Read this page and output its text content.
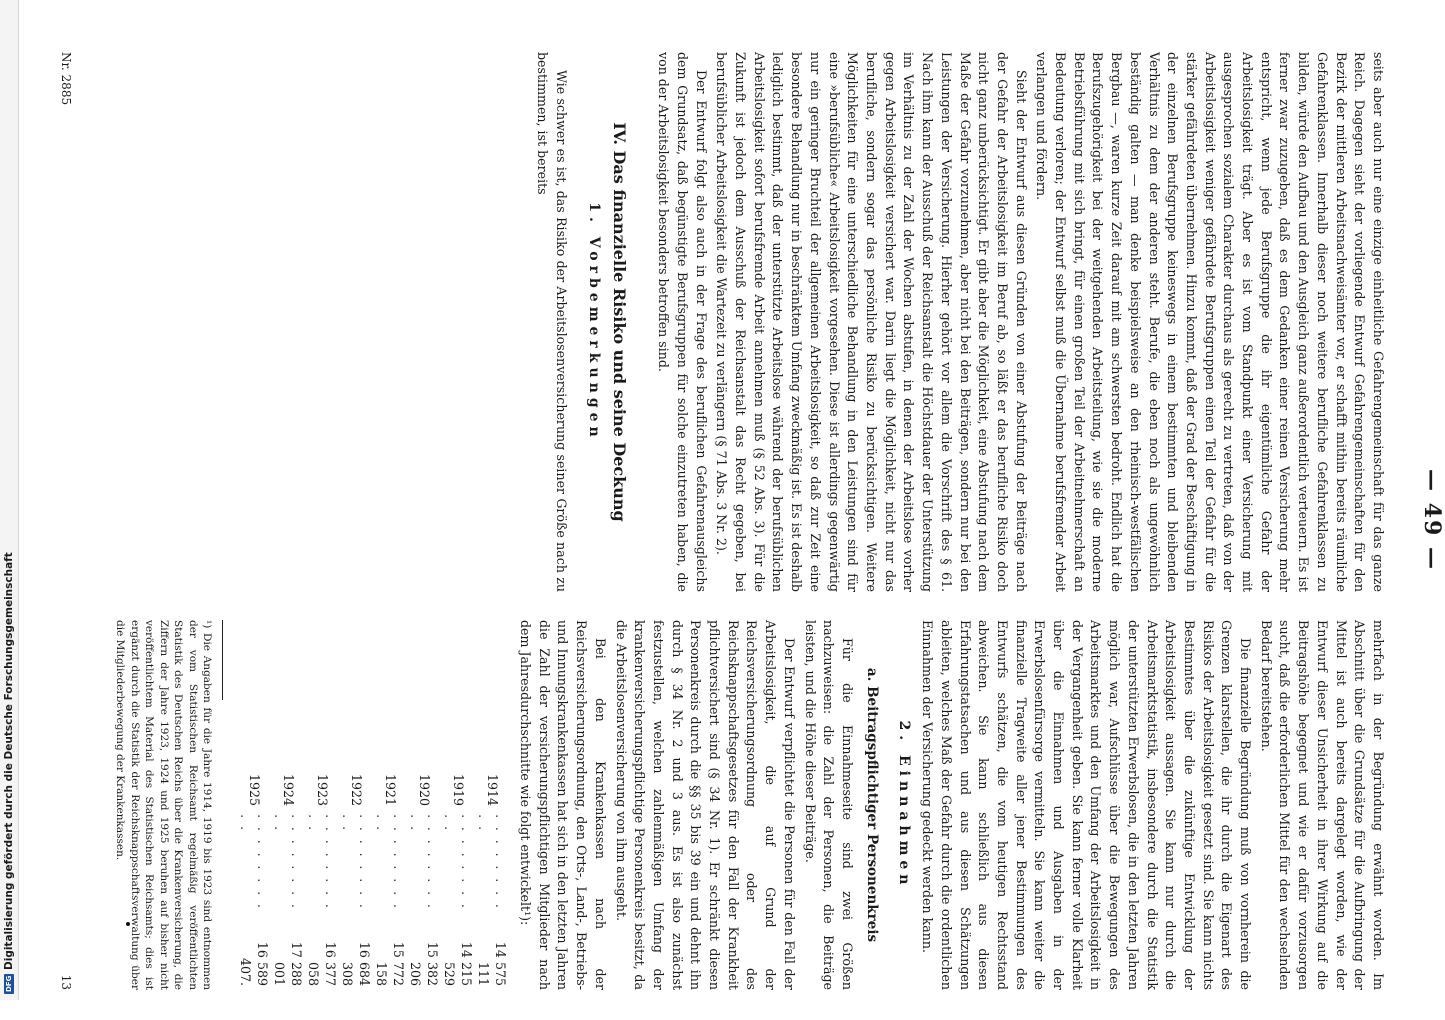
DFG
Digitalisierung gefördert durch die Deutsche Forschungsgemeinschaft
— 49 —

seits aber auch nur eine einzige einheitliche Gefahrengemeinschaft für das ganze Reich. Dagegen sieht der vorliegende Entwurf Gefahrengemeinschaften für den Bezirk der mittleren Arbeitsnachweisämter vor, er schafft mithin bereits räumliche Gefahrenklassen. Innerhalb dieser noch weitere berufliche Gefahrenklassen zu bilden, würde den Aufbau und den Ausgleich ganz außerordentlich verteuern. Es ist ferner zwar zuzugeben, daß es dem Gedanken einer reinen Versicherung mehr entspricht, wenn jede Berufsgruppe die ihr eigentümliche Gefahr der Arbeitslosigkeit trägt. Aber es ist vom Standpunkt einer Versicherung mit ausgesprochen sozialem Charakter durchaus als gerecht zu vertreten, daß von der Arbeitslosigkeit weniger gefährdete Berufsgruppen einen Teil der Gefahr für die stärker gefährdeten übernehmen. Hinzu kommt, daß der Grad der Beschäftigung in der einzelnen Berufsgruppe keineswegs in einem bestimmten und bleibenden Verhältnis zu dem der anderen steht. Berufe, die eben noch als ungewöhnlich beständig galten — man denke beispielsweise an den rheinisch-westfälischen Bergbau —, waren kurze Zeit darauf mit am schwersten bedroht. Endlich hat die Berufszugehörigkeit bei der weitgehenden Arbeitsteilung, wie sie die moderne Betriebsführung mit sich bringt, für einen großen Teil der Arbeitnehmerschaft an Bedeutung verloren; der Entwurf selbst muß die Übernahme berufsfremder Arbeit verlangen und fördern.

Sieht der Entwurf aus diesen Gründen von einer Abstufung der Beiträge nach der Gefahr der Arbeitslosigkeit im Beruf ab, so läßt er das berufliche Risiko doch nicht ganz unberücksichtigt. Er gibt aber die Möglichkeit, eine Abstufung nach dem Maße der Gefahr vorzunehmen, aber nicht bei den Beiträgen, sondern nur bei den Leistungen der Versicherung. Hierher gehört vor allem die Vorschrift des § 61. Nach ihm kann der Ausschuß der Reichsanstalt die Höchstdauer der Unterstützung im Verhältnis zu der Zahl der Wochen abstufen, in denen der Arbeitslose vorher gegen Arbeitslosigkeit versichert war. Darin liegt die Möglichkeit, nicht nur das berufliche, sondern sogar das persönliche Risiko zu berücksichtigen. Weitere Möglichkeiten für eine unterschiedliche Behandlung in den Leistungen sind für eine »berufsübliche« Arbeitslosigkeit vorgesehen. Diese ist allerdings gegenwärtig nur ein geringer Bruchteil der allgemeinen Arbeitslosigkeit, so daß zur Zeit eine besondere Behandlung nur in beschränktem Umfang zweckmäßig ist. Es ist deshalb lediglich bestimmt, daß der unterstützte Arbeitslose während der berufsüblichen Arbeitslosigkeit sofort berufsfremde Arbeit annehmen muß (§ 52 Abs. 3). Für die Zukunft ist jedoch dem Ausschuß der Reichsanstalt das Recht gegeben, bei berufsüblicher Arbeitslosigkeit die Wartezeit zu verlängern (§ 71 Abs. 3 Nr. 2).

Der Entwurf folgt also auch in der Frage des beruflichen Gefahrenausgleichs dem Grundsatz, daß begünstigte Berufsgruppen für solche einzutreten haben, die von der Arbeitslosigkeit besonders betroffen sind.

IV. Das finanzielle Risiko und seine Deckung
1. Vorbemerkungen

Wie schwer es ist, das Risiko der Arbeitslosenversicherung seiner Größe nach zu bestimmen, ist bereits

mehrfach in der Begründung erwähnt worden. Im Abschnitt über die Grundsätze für die Aufbringung der Mittel ist auch bereits dargelegt worden, wie der Entwurf dieser Unsicherheit in ihrer Wirkung auf die Beitragshöhe begegnet und wie er dafür vorzusorgen sucht, daß die erforderlichen Mittel für den wechselnden Bedarf bereitstehen.

Die finanzielle Begründung muß von vornherein die Grenzen klarstellen, die ihr durch die Eigenart des Risikos der Arbeitslosigkeit gesetzt sind. Sie kann nichts Bestimmtes über die zukünftige Entwicklung der Arbeitslosigkeit aussagen. Sie kann nur durch die Arbeitsmarktstatistik, insbesondere durch die Statistik der unterstützten Erwerbslosen, die in den letzten Jahren möglich war, Aufschlüsse über die Bewegungen des Arbeitsmarktes und den Umfang der Arbeitslosigkeit in der Vergangenheit geben. Sie kann ferner volle Klarheit über die Einnahmen und Ausgaben in der Erwerbslosenfürsorge vermitteln. Sie kann weiter die finanzielle Tragweite aller jener Bestimmungen des Entwurfs schätzen, die vom heutigen Rechtsstand abweichen. Sie kann schließlich aus diesen Erfahrungstatsachen und aus diesen Schätzungen ableiten, welches Maß der Gefahr durch die ordentlichen Einnahmen der Versicherung gedeckt werden kann.

2. Einnahmen
a. Beitragspflichtiger Personenkreis

Für die Einnahmeseite sind zwei Größen nachzuweisen: die Zahl der Personen, die Beiträge leisten, und die Höhe dieser Beiträge.

Der Entwurf verpflichtet die Personen für den Fall der Arbeitslosigkeit, die auf Grund der Reichsversicherungsordnung oder des Reichsknappschaftsgesetzes für den Fall der Krankheit pflichtversichert sind (§ 34 Nr. 1). Er schränkt diesen Personenkreis durch die §§ 35 bis 39 ein und dehnt ihn durch § 34 Nr. 2 und 3 aus. Es ist also zunächst festzustellen, welchen zahlenmäßigen Umfang der krankenversicherungspflichtige Personenkreis besitzt, da die Arbeitslosenversicherung von ihm ausgeht.

Bei den Krankenkassen nach der Reichsversicherungsordnung, den Orts-, Land-, Betriebs- und Innungskrankenkassen hat sich in den letzten Jahren die Zahl der versicherungspflichtigen Mitglieder nach dem Jahresdurchschnitte wie folgt entwickelt¹):

1914	. . . . . . . . . .	14 575 111
1919	. . . . . . . . . .	14 215 529
1920	. . . . . . . . . .	15 382 206
1921	. . . . . . . . . .	15 772 158
1922	. . . . . . . . . .	16 684 308
1923	. . . . . . . . . .	16 377 058
1924	. . . . . . . . . .	17 288 001
1925	. . . . . . . . . .	16 589 407.
¹) Die Angaben für die Jahre 1914, 1919 bis 1923 sind entnommen der vom Statistischen Reichsamt regelmäßig veröffentlichten Statistik des Deutschen Reichs über die Krankenversicherung, die Ziffern der Jahre 1923, 1924 und 1925 beruhen auf bisher nicht veröffentlichtem Material des Statistischen Reichsamts; dies ist ergänzt durch die Statistik der Reichsknappschaftsverwaltung über die Mitgliederbewegung der Krankenkassen.
Nr. 2885
13
